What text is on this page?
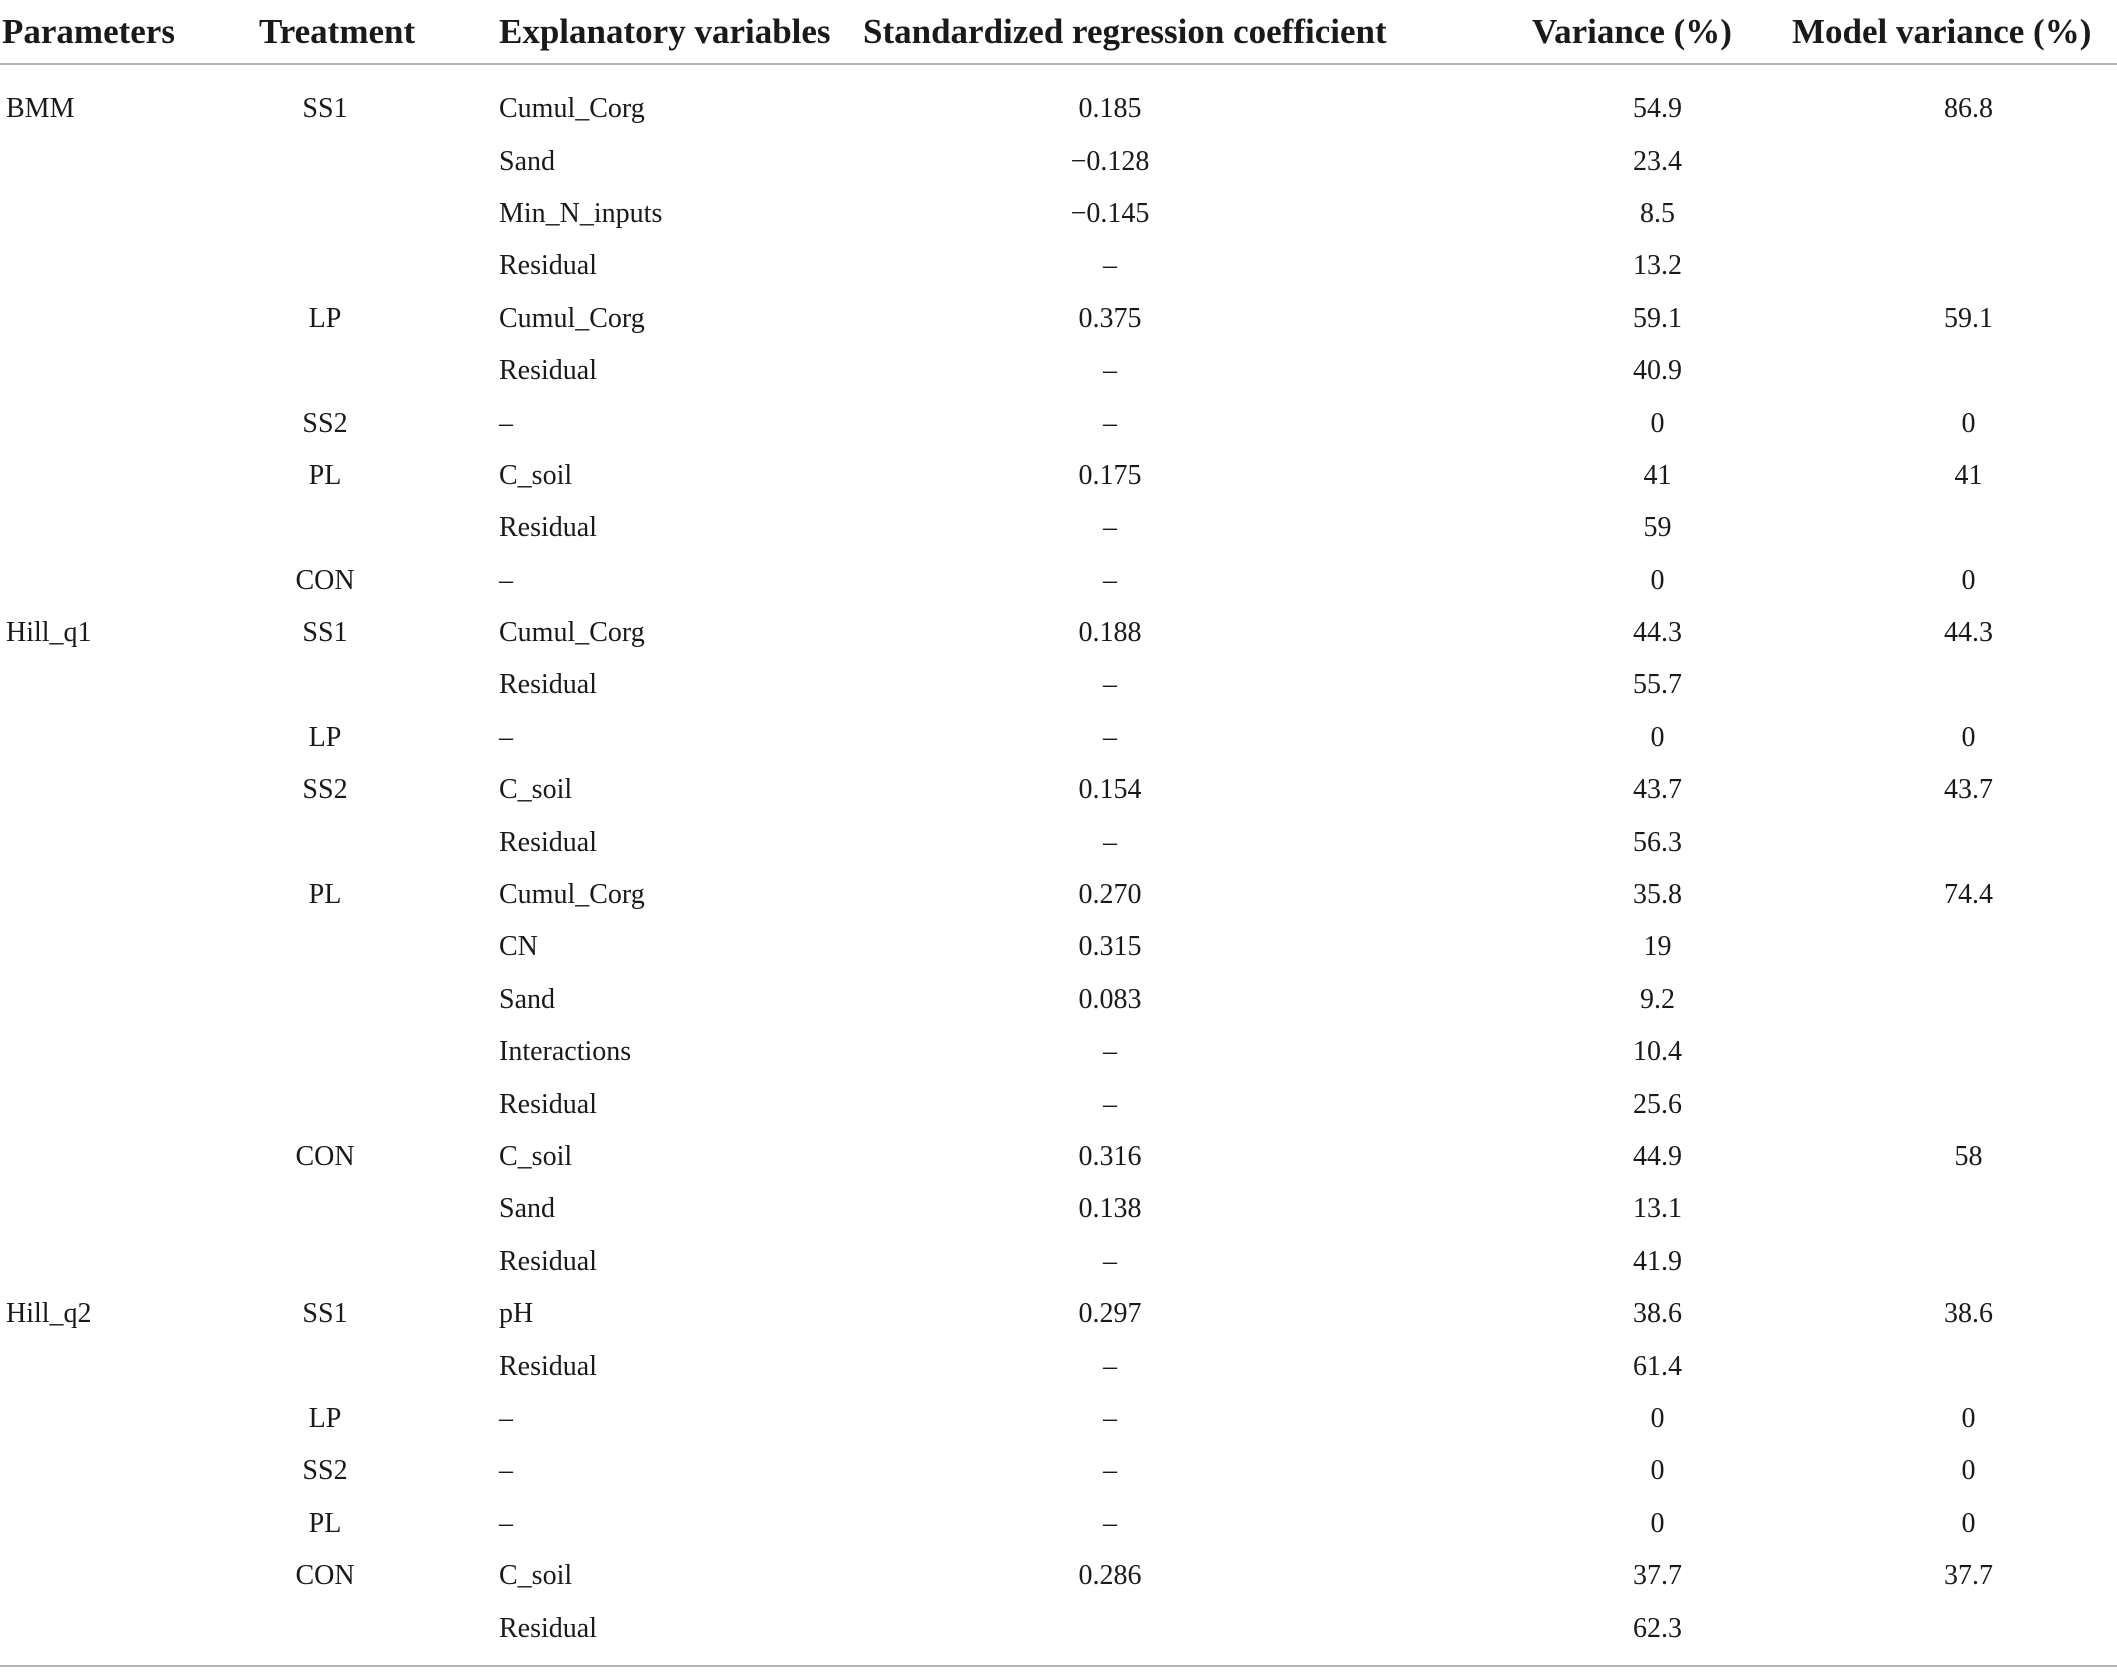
Parameters	Treatment	Explanatory variables	Standardized regression coefficient	Variance (%)	Model variance (%)
BMM	SS1	Cumul_Corg	0.185	54.9	86.8
		Sand	−0.128	23.4	
		Min_N_inputs	−0.145	8.5	
		Residual	–	13.2	
	LP	Cumul_Corg	0.375	59.1	59.1
		Residual	–	40.9	
	SS2	–	–	0	0
	PL	C_soil	0.175	41	41
		Residual	–	59	
	CON	–	–	0	0
Hill_q1	SS1	Cumul_Corg	0.188	44.3	44.3
		Residual	–	55.7	
	LP	–	–	0	0
	SS2	C_soil	0.154	43.7	43.7
		Residual	–	56.3	
	PL	Cumul_Corg	0.270	35.8	74.4
		CN	0.315	19	
		Sand	0.083	9.2	
		Interactions	–	10.4	
		Residual	–	25.6	
	CON	C_soil	0.316	44.9	58
		Sand	0.138	13.1	
		Residual	–	41.9	
Hill_q2	SS1	pH	0.297	38.6	38.6
		Residual	–	61.4	
	LP	–	–	0	0
	SS2	–	–	0	0
	PL	–	–	0	0
	CON	C_soil	0.286	37.7	37.7
		Residual		62.3	
